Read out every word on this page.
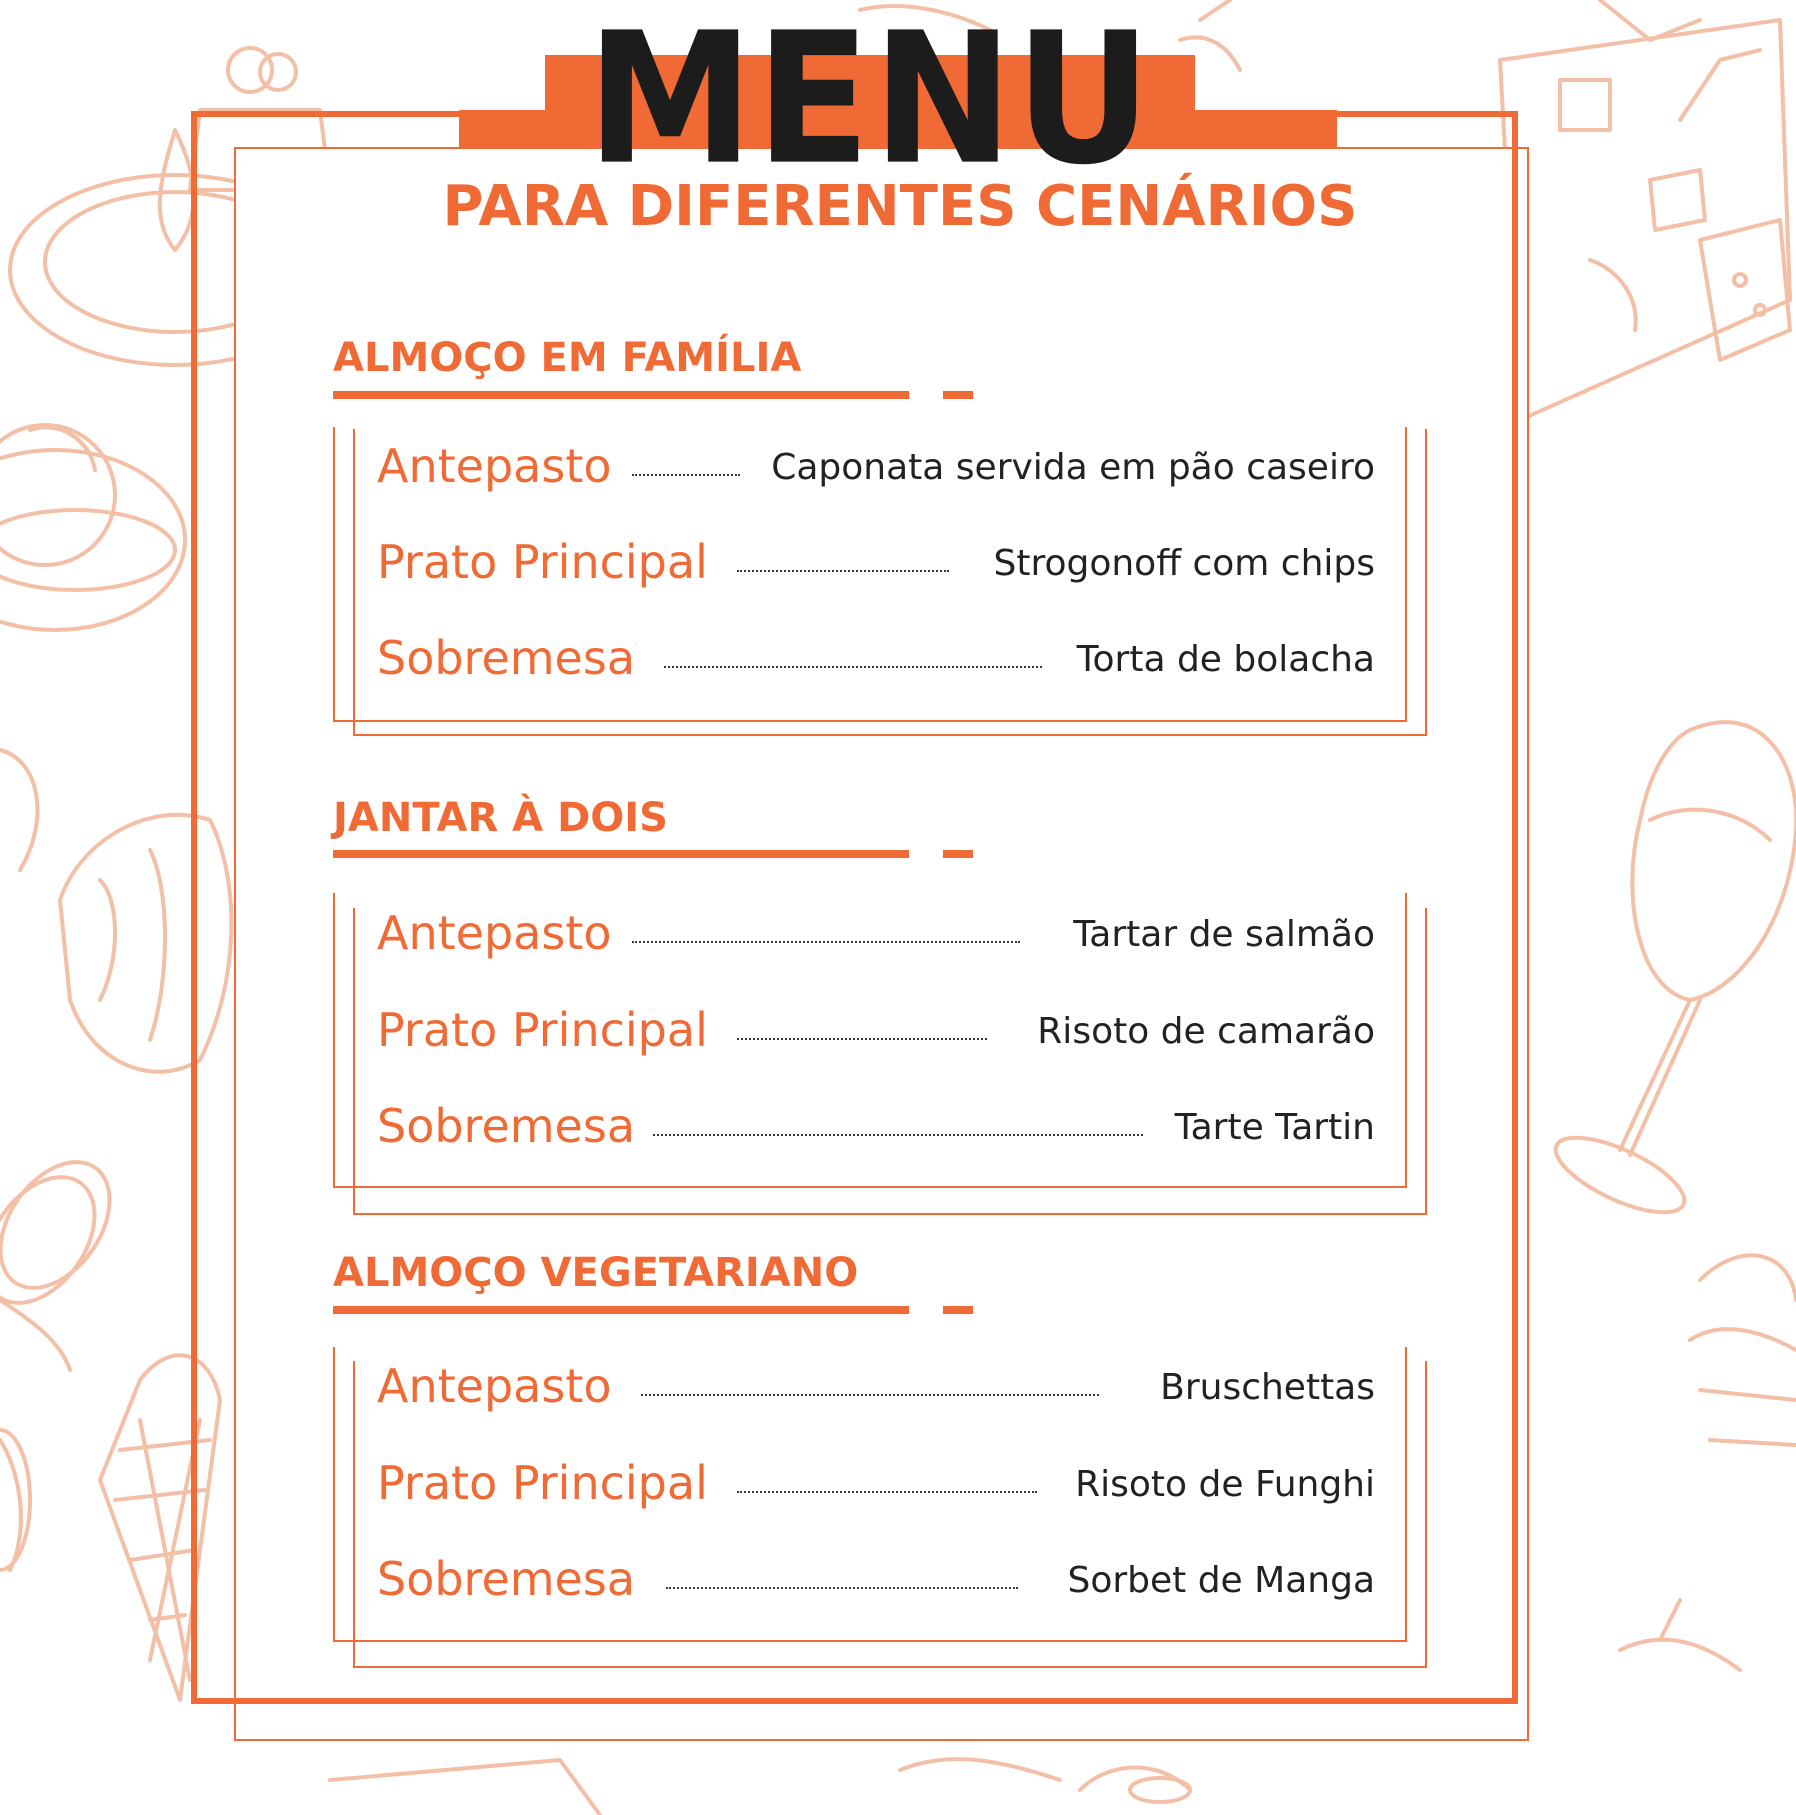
MENU
PARA DIFERENTES CENÁRIOS
ALMOÇO EM FAMÍLIA
Antepasto	Caponata servida em pão caseiro
Prato Principal	Strogonoff com chips
Sobremesa	Torta de bolacha
JANTAR À DOIS
Antepasto	Tartar de salmão
Prato Principal	Risoto de camarão
Sobremesa	Tarte Tartin
ALMOÇO VEGETARIANO
Antepasto	Bruschettas
Prato Principal	Risoto de Funghi
Sobremesa	Sorbet de Manga
